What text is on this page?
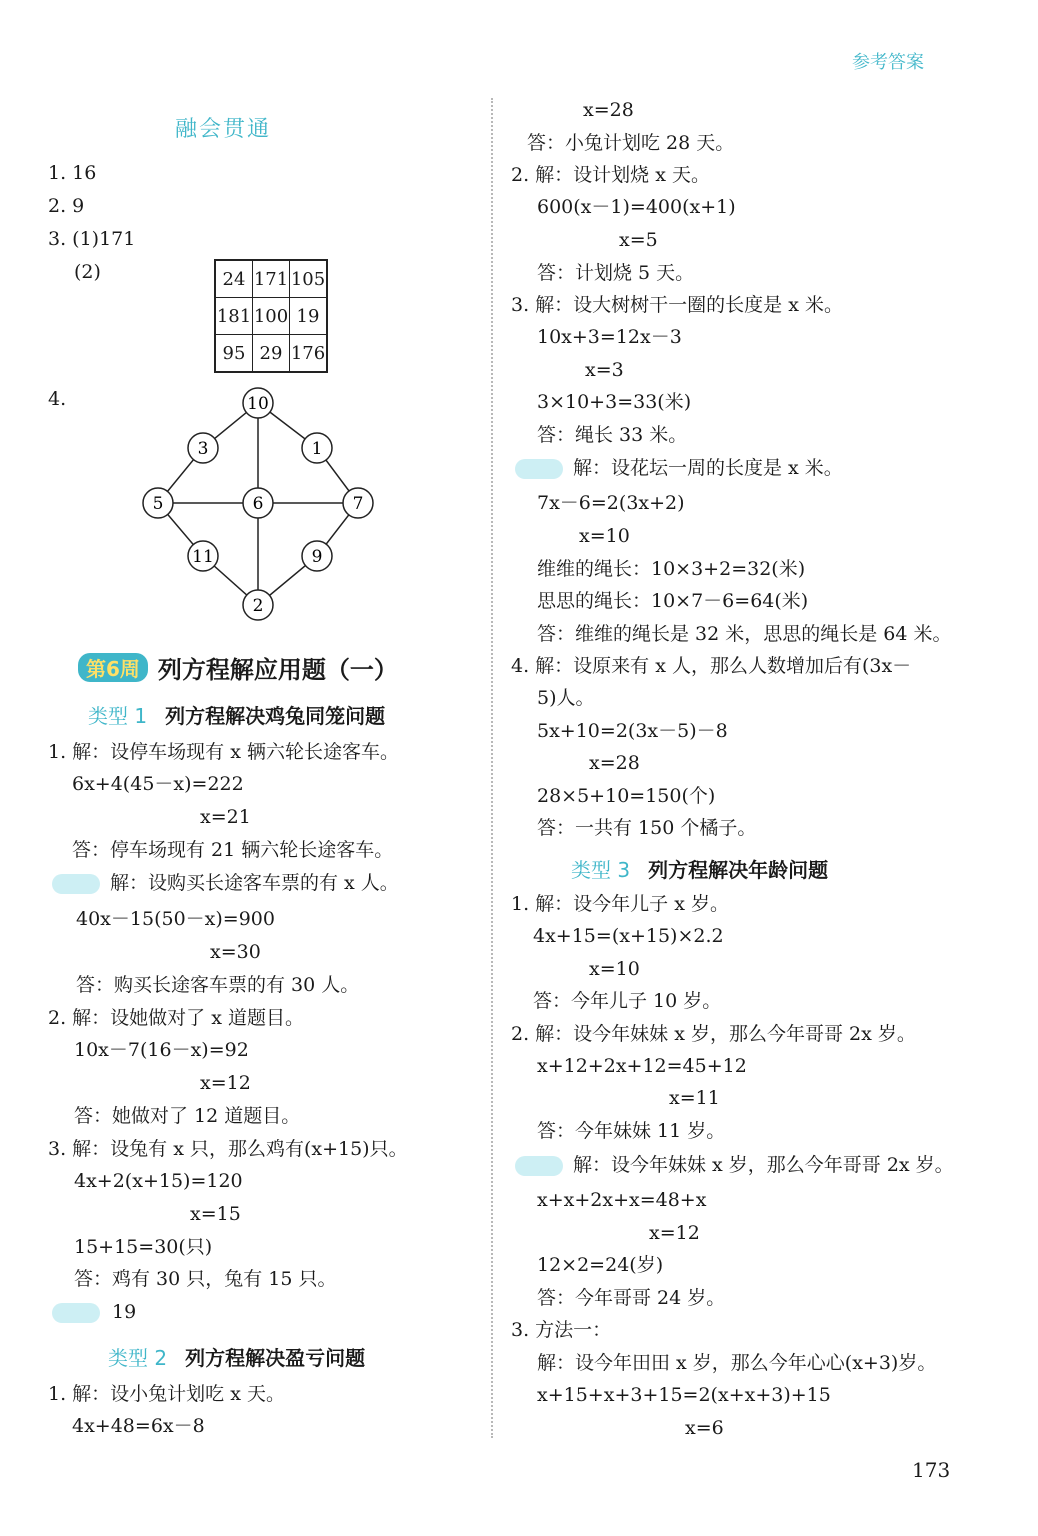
参考答案
融会贯通
1. 16
2. 9
3. (1)171
(2)	24	171	105
181	100	19
95	29	176
4.	10
3	1
5	6	7
11	9
2
第6周 列方程解应用题（一）
类型 1 列方程解决鸡兔同笼问题
1. 解：设停车场现有 x 辆六轮长途客车。
6x+4(45－x)=222
x=21
答：停车场现有 21 辆六轮长途客车。
解：设购买长途客车票的有 x 人。
40x－15(50－x)=900
x=30
答：购买长途客车票的有 30 人。
2. 解：设她做对了 x 道题目。
10x－7(16－x)=92
x=12
答：她做对了 12 道题目。
3. 解：设兔有 x 只，那么鸡有(x+15)只。
4x+2(x+15)=120
x=15
15+15=30(只)
答：鸡有 30 只，兔有 15 只。
19
类型 2 列方程解决盈亏问题
1. 解：设小兔计划吃 x 天。
4x+48=6x－8
x=28
答：小兔计划吃 28 天。
2. 解：设计划烧 x 天。
600(x－1)=400(x+1)
x=5
答：计划烧 5 天。
3. 解：设大树树干一圈的长度是 x 米。
10x+3=12x－3
x=3
3×10+3=33(米)
答：绳长 33 米。
解：设花坛一周的长度是 x 米。
7x－6=2(3x+2)
x=10
维维的绳长：10×3+2=32(米)
思思的绳长：10×7－6=64(米)
答：维维的绳长是 32 米，思思的绳长是 64 米。
4. 解：设原来有 x 人，那么人数增加后有(3x－
5)人。
5x+10=2(3x－5)－8
x=28
28×5+10=150(个)
答：一共有 150 个橘子。
类型 3 列方程解决年龄问题
1. 解：设今年儿子 x 岁。
4x+15=(x+15)×2.2
x=10
答：今年儿子 10 岁。
2. 解：设今年妹妹 x 岁，那么今年哥哥 2x 岁。
x+12+2x+12=45+12
x=11
答：今年妹妹 11 岁。
解：设今年妹妹 x 岁，那么今年哥哥 2x 岁。
x+x+2x+x=48+x
x=12
12×2=24(岁)
答：今年哥哥 24 岁。
3. 方法一：
解：设今年田田 x 岁，那么今年心心(x+3)岁。
x+15+x+3+15=2(x+x+3)+15
x=6
173
